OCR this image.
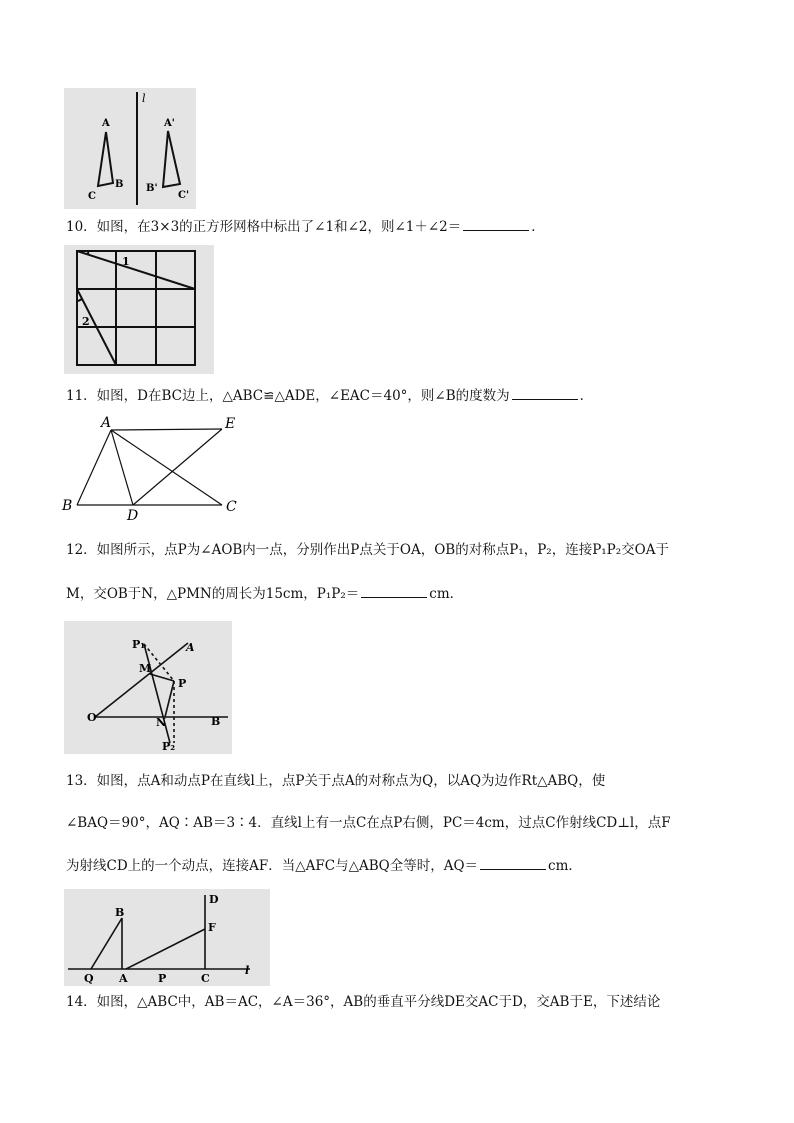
l
A
B
C
A'
B'
C'
10．如图，在3×3的正方形网格中标出了∠1和∠2，则∠1＋∠2＝	．
1
2
11．如图，D在BC边上，△ABC≌△ADE，∠EAC＝40°，则∠B的度数为	．
A
B	C
D
E
12．如图所示，点P为∠AOB内一点，分别作出P点关于OA，OB的对称点P₁，P₂，连接P₁P₂交OA于
M，交OB于N，△PMN的周长为15cm，P₁P₂＝	cm．
P₁	A
M
P
O	N	B
P₂
13．如图，点A和动点P在直线l上，点P关于点A的对称点为Q，以AQ为边作Rt△ABQ，使
∠BAQ＝90°，AQ∶AB＝3∶4．直线l上有一点C在点P右侧，PC＝4cm，过点C作射线CD⊥l，点F
为射线CD上的一个动点，连接AF．当△AFC与△ABQ全等时，AQ＝	cm．
B
D
F
Q A	P	C
l
14．如图，△ABC中，AB＝AC，∠A＝36°，AB的垂直平分线DE交AC于D，交AB于E，下述结论
